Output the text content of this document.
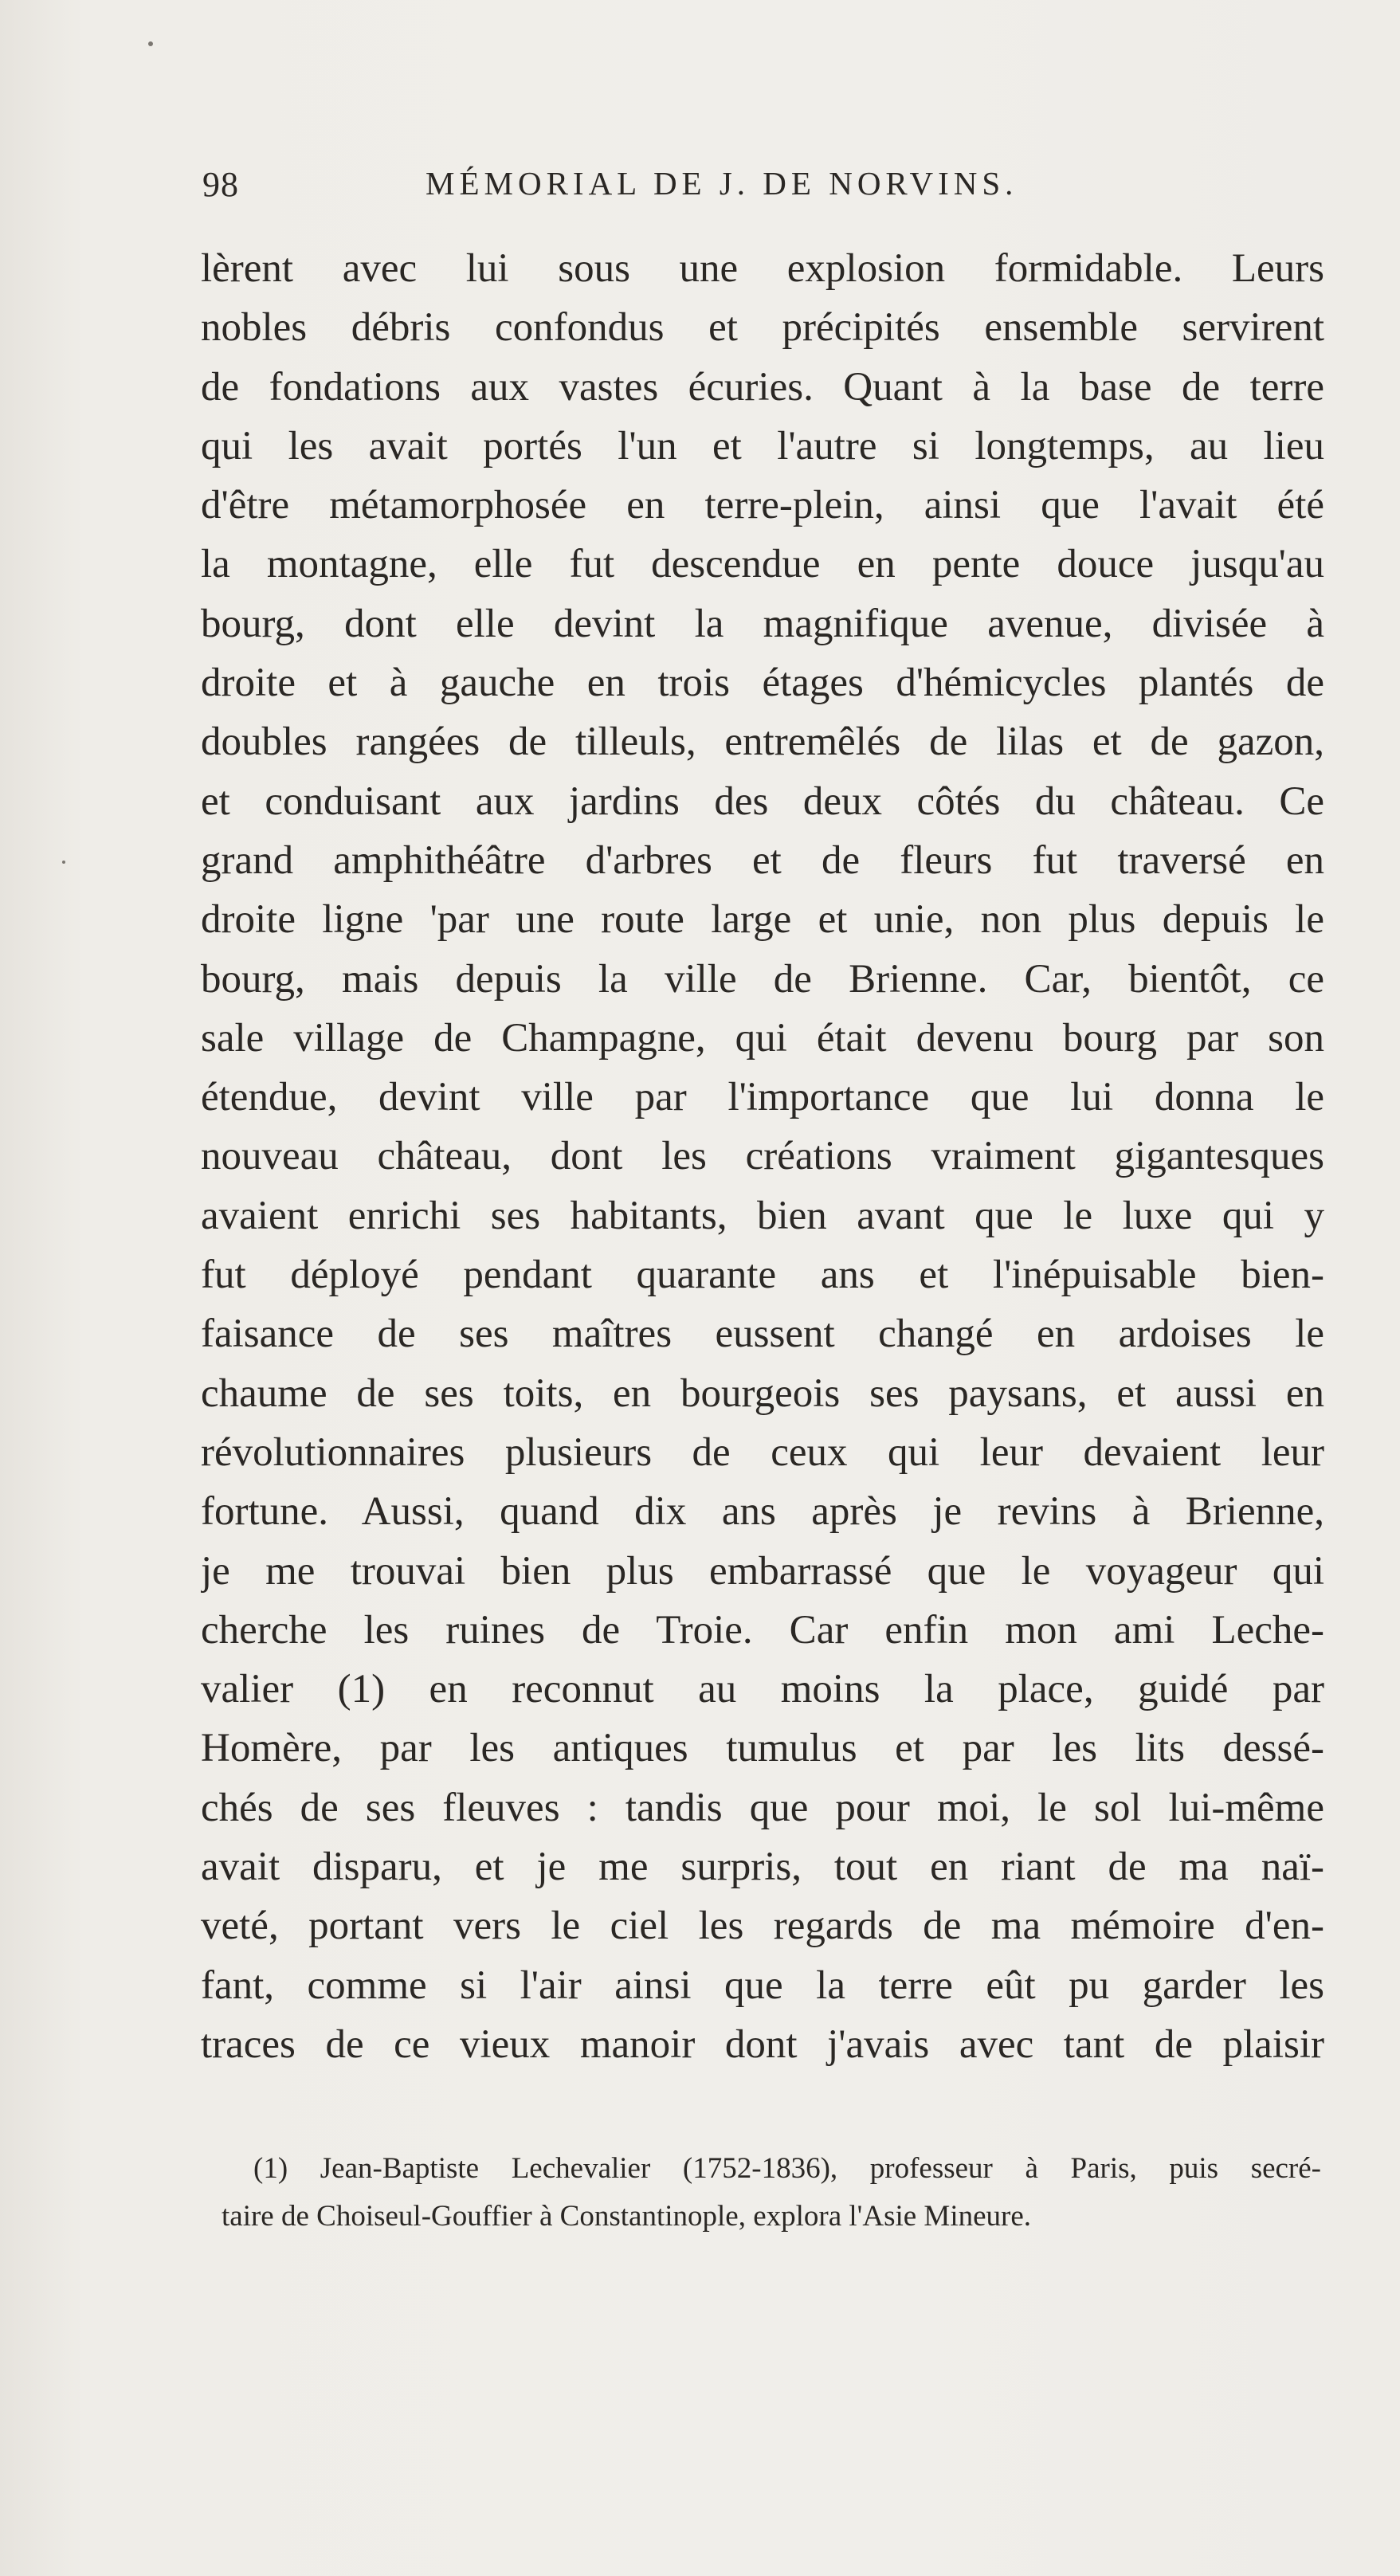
98	MÉMORIAL DE J. DE NORVINS.
lèrent avec lui sous une explosion formidable. Leurs
nobles débris confondus et précipités ensemble servirent
de fondations aux vastes écuries. Quant à la base de terre
qui les avait portés l'un et l'autre si longtemps, au lieu
d'être métamorphosée en terre-plein, ainsi que l'avait été
la montagne, elle fut descendue en pente douce jusqu'au
bourg, dont elle devint la magnifique avenue, divisée à
droite et à gauche en trois étages d'hémicycles plantés de
doubles rangées de tilleuls, entremêlés de lilas et de gazon,
et conduisant aux jardins des deux côtés du château. Ce
grand amphithéâtre d'arbres et de fleurs fut traversé en
droite ligne 'par une route large et unie, non plus depuis le
bourg, mais depuis la ville de Brienne. Car, bientôt, ce
sale village de Champagne, qui était devenu bourg par son
étendue, devint ville par l'importance que lui donna le
nouveau château, dont les créations vraiment gigantesques
avaient enrichi ses habitants, bien avant que le luxe qui y
fut déployé pendant quarante ans et l'inépuisable bien-
faisance de ses maîtres eussent changé en ardoises le
chaume de ses toits, en bourgeois ses paysans, et aussi en
révolutionnaires plusieurs de ceux qui leur devaient leur
fortune. Aussi, quand dix ans après je revins à Brienne,
je me trouvai bien plus embarrassé que le voyageur qui
cherche les ruines de Troie. Car enfin mon ami Leche-
valier (1) en reconnut au moins la place, guidé par
Homère, par les antiques tumulus et par les lits dessé-
chés de ses fleuves : tandis que pour moi, le sol lui-même
avait disparu, et je me surpris, tout en riant de ma naï-
veté, portant vers le ciel les regards de ma mémoire d'en-
fant, comme si l'air ainsi que la terre eût pu garder les
traces de ce vieux manoir dont j'avais avec tant de plaisir
(1) Jean-Baptiste Lechevalier (1752-1836), professeur à Paris, puis secré-
taire de Choiseul-Gouffier à Constantinople, explora l'Asie Mineure.
